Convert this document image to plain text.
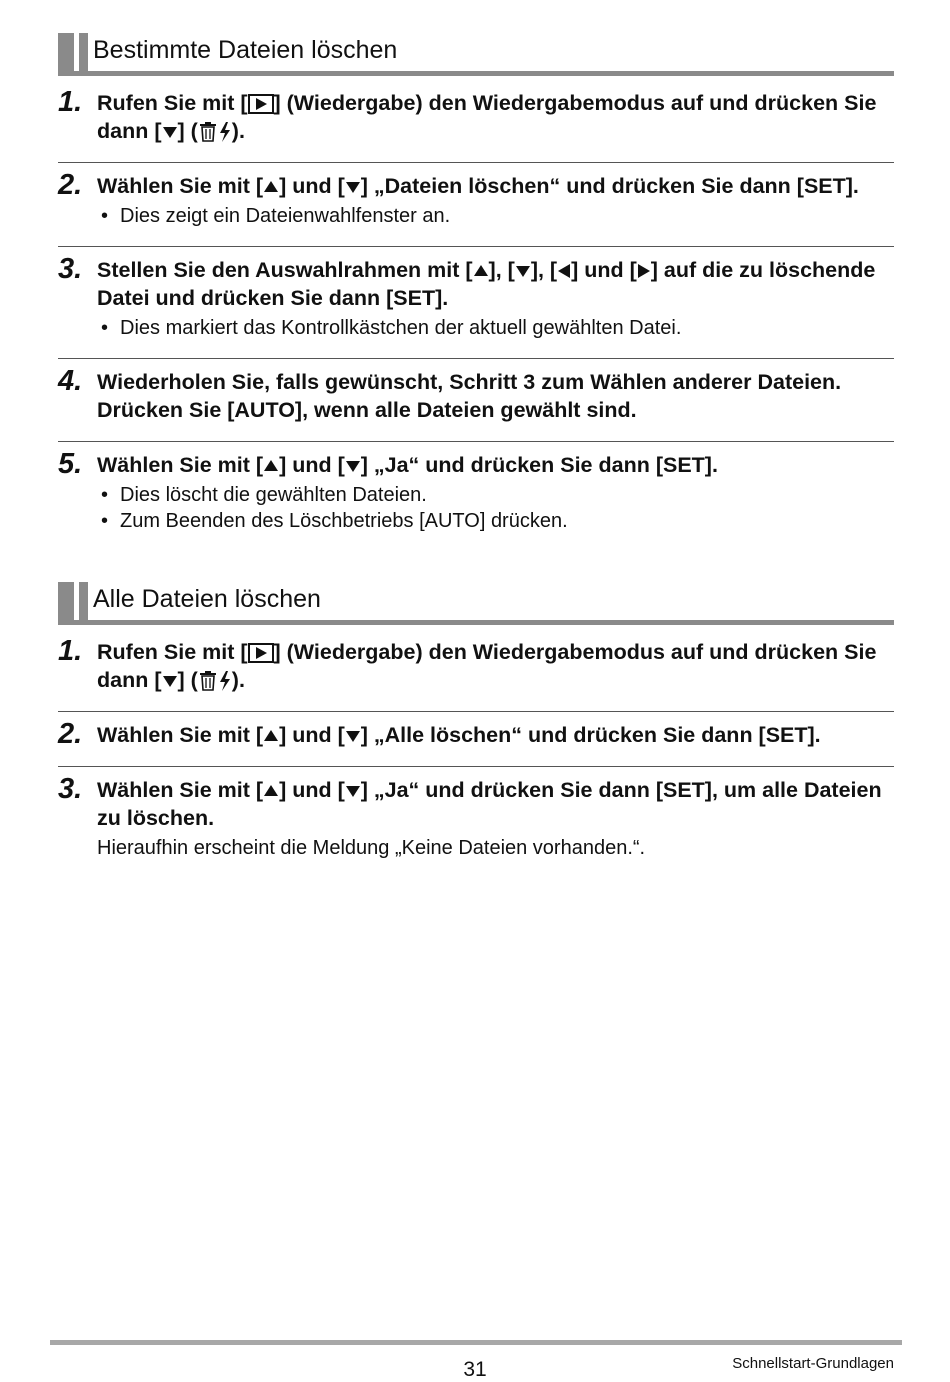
Bestimmte Dateien löschen
1. Rufen Sie mit [ ] (Wiedergabe) den Wiedergabemodus auf und drücken Sie dann [ ] ( ).
2. Wählen Sie mit [ ] und [ ] „Dateien löschen“ und drücken Sie dann [SET].
• Dies zeigt ein Dateienwahlfenster an.
3. Stellen Sie den Auswahlrahmen mit [ ], [ ], [ ] und [ ] auf die zu löschende Datei und drücken Sie dann [SET].
• Dies markiert das Kontrollkästchen der aktuell gewählten Datei.
4. Wiederholen Sie, falls gewünscht, Schritt 3 zum Wählen anderer Dateien. Drücken Sie [AUTO], wenn alle Dateien gewählt sind.
5. Wählen Sie mit [ ] und [ ] „Ja“ und drücken Sie dann [SET].
• Dies löscht die gewählten Dateien.
• Zum Beenden des Löschbetriebs [AUTO] drücken.
Alle Dateien löschen
1. Rufen Sie mit [ ] (Wiedergabe) den Wiedergabemodus auf und drücken Sie dann [ ] ( ).
2. Wählen Sie mit [ ] und [ ] „Alle löschen“ und drücken Sie dann [SET].
3. Wählen Sie mit [ ] und [ ] „Ja“ und drücken Sie dann [SET], um alle Dateien zu löschen.
Hieraufhin erscheint die Meldung „Keine Dateien vorhanden.“.
31	Schnellstart-Grundlagen
